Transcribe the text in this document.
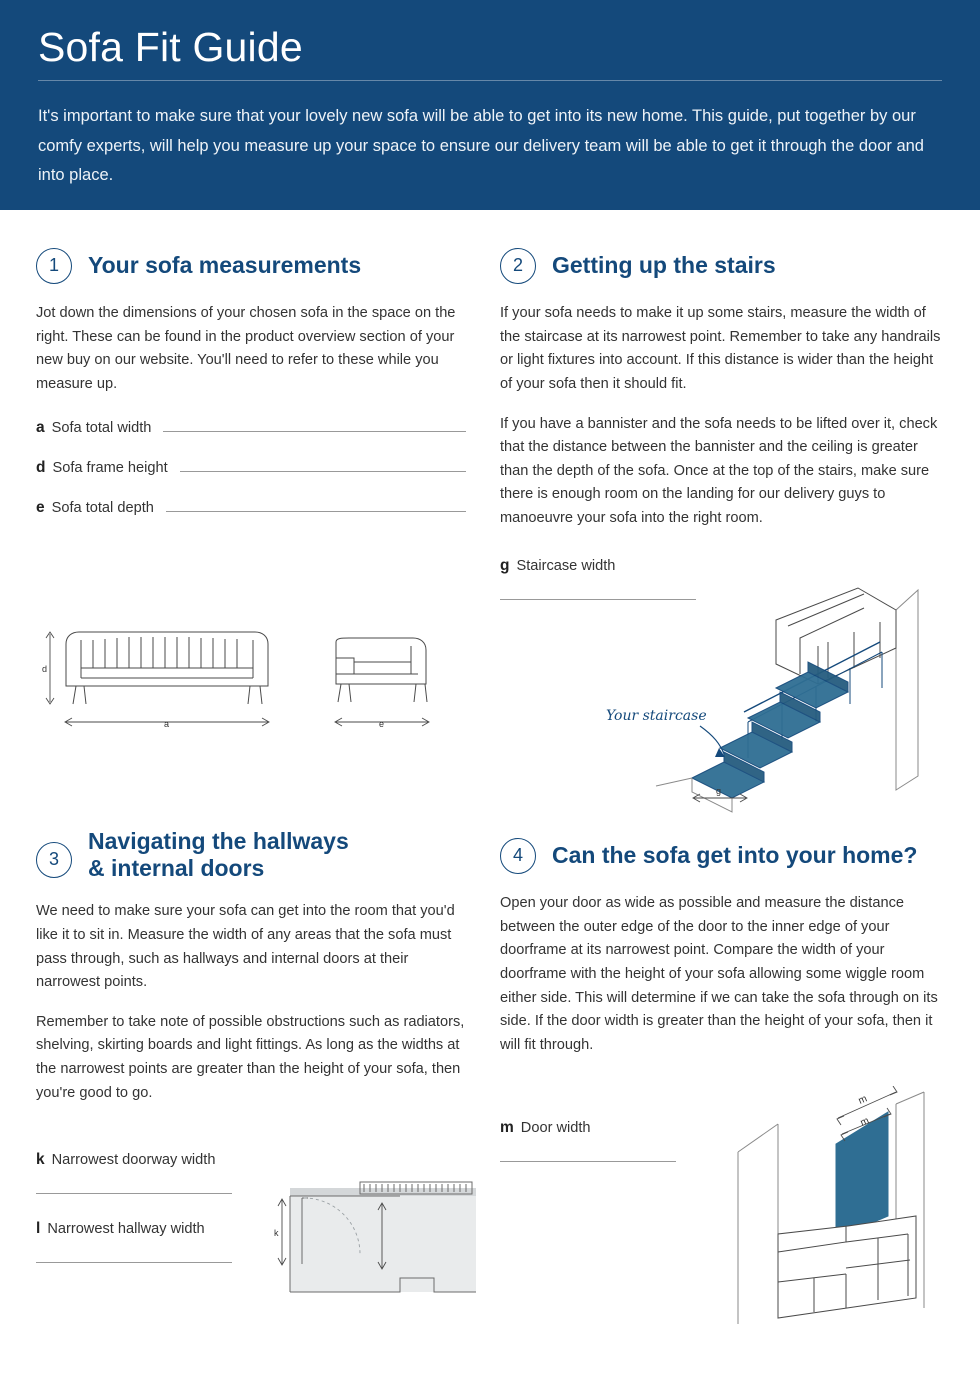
Sofa Fit Guide
It's important to make sure that your lovely new sofa will be able to get into its new home. This guide, put together by our comfy experts, will help you measure up your space to ensure our delivery team will be able to get it through the door and into place.
1	Your sofa measurements
Jot down the dimensions of your chosen sofa in the space on the right. These can be found in the product overview section of your new buy on our website. You'll need to refer to these while you measure up.
a Sofa total width
d Sofa frame height
e Sofa total depth
d
a	e
2	Getting up the stairs
If your sofa needs to make it up some stairs, measure the width of the staircase at its narrowest point. Remember to take any handrails or light fixtures into account. If this distance is wider than the height of your sofa then it should fit.
If you have a bannister and the sofa needs to be lifted over it, check that the distance between the bannister and the ceiling is greater than the depth of the sofa. Once at the top of the stairs, make sure there is enough room on the landing for our delivery guys to manoeuvre your sofa into the right room.
g Staircase width
g
Your staircase
3
Navigating the hallways
& internal doors
We need to make sure your sofa can get into the room that you'd like it to sit in. Measure the width of any areas that the sofa must pass through, such as hallways and internal doors at their narrowest points.
Remember to take note of possible obstructions such as radiators, shelving, skirting boards and light fittings. As long as the widths at the narrowest points are greater than the height of your sofa, then you're good to go.
k Narrowest doorway width
l Narrowest hallway width	k
4	Can the sofa get into your home?
Open your door as wide as possible and measure the distance between the outer edge of the door to the inner edge of your doorframe at its narrowest point. Compare the width of your doorframe with the height of your sofa allowing some wiggle room either side. This will determine if we can take the sofa through on its side. If the door width is greater than the height of your sofa, then it will fit through.
m Door width
m
m
